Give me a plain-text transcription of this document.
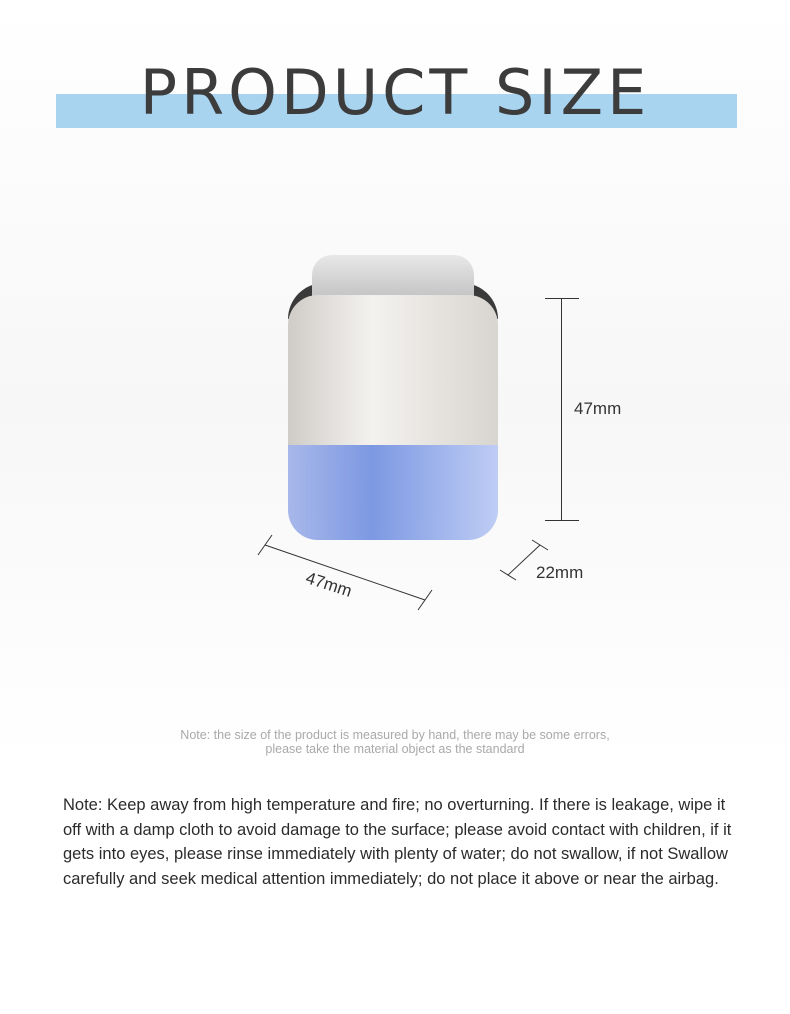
PRODUCT SIZE
47mm
47mm	22mm
Note: the size of the product is measured by hand, there may be some errors,
please take the material object as the standard
Note: Keep away from high temperature and fire; no overturning. If there is leakage, wipe it off with a damp cloth to avoid damage to the surface; please avoid contact with children, if it gets into eyes, please rinse immediately with plenty of water; do not swallow, if not Swallow carefully and seek medical attention immediately; do not place it above or near the airbag.
